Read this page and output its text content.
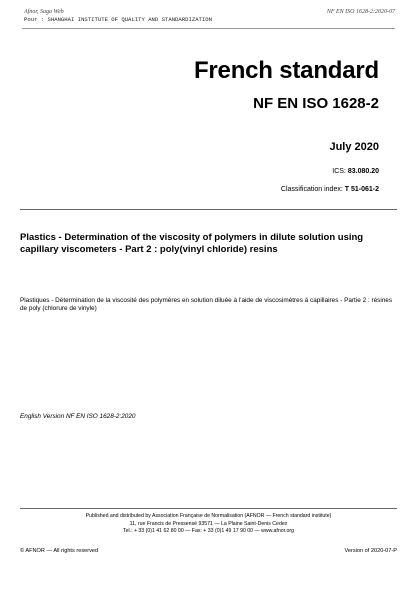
Afnor, Saga Web
Pour : SHANGHAI INSTITUTE OF QUALITY AND STANDARDIZATION
NF EN ISO 1628-2:2020-07
French standard
NF EN ISO 1628-2
July 2020
ICS: 83.080.20
Classification index: T 51-061-2
Plastics - Determination of the viscosity of polymers in dilute solution using capillary viscometers - Part 2 : poly(vinyl chloride) resins
Plastiques - Détermination de la viscosité des polymères en solution diluée à l'aide de viscosimètres à capillaires - Partie 2 : résines de poly (chlorure de vinyle)
English Version NF EN ISO 1628-2:2020
Published and distributed by Association Française de Normalisation (AFNOR — French standard institute)
11, rue Francis de Pressensé 93571 — La Plaine Saint-Denis Cedex
Tel.: + 33 (0)1 41 62 80 00 — Fax: + 33 (0)1 49 17 90 00 — www.afnor.org
© AFNOR — All rights reserved	Version of 2020-07-P
